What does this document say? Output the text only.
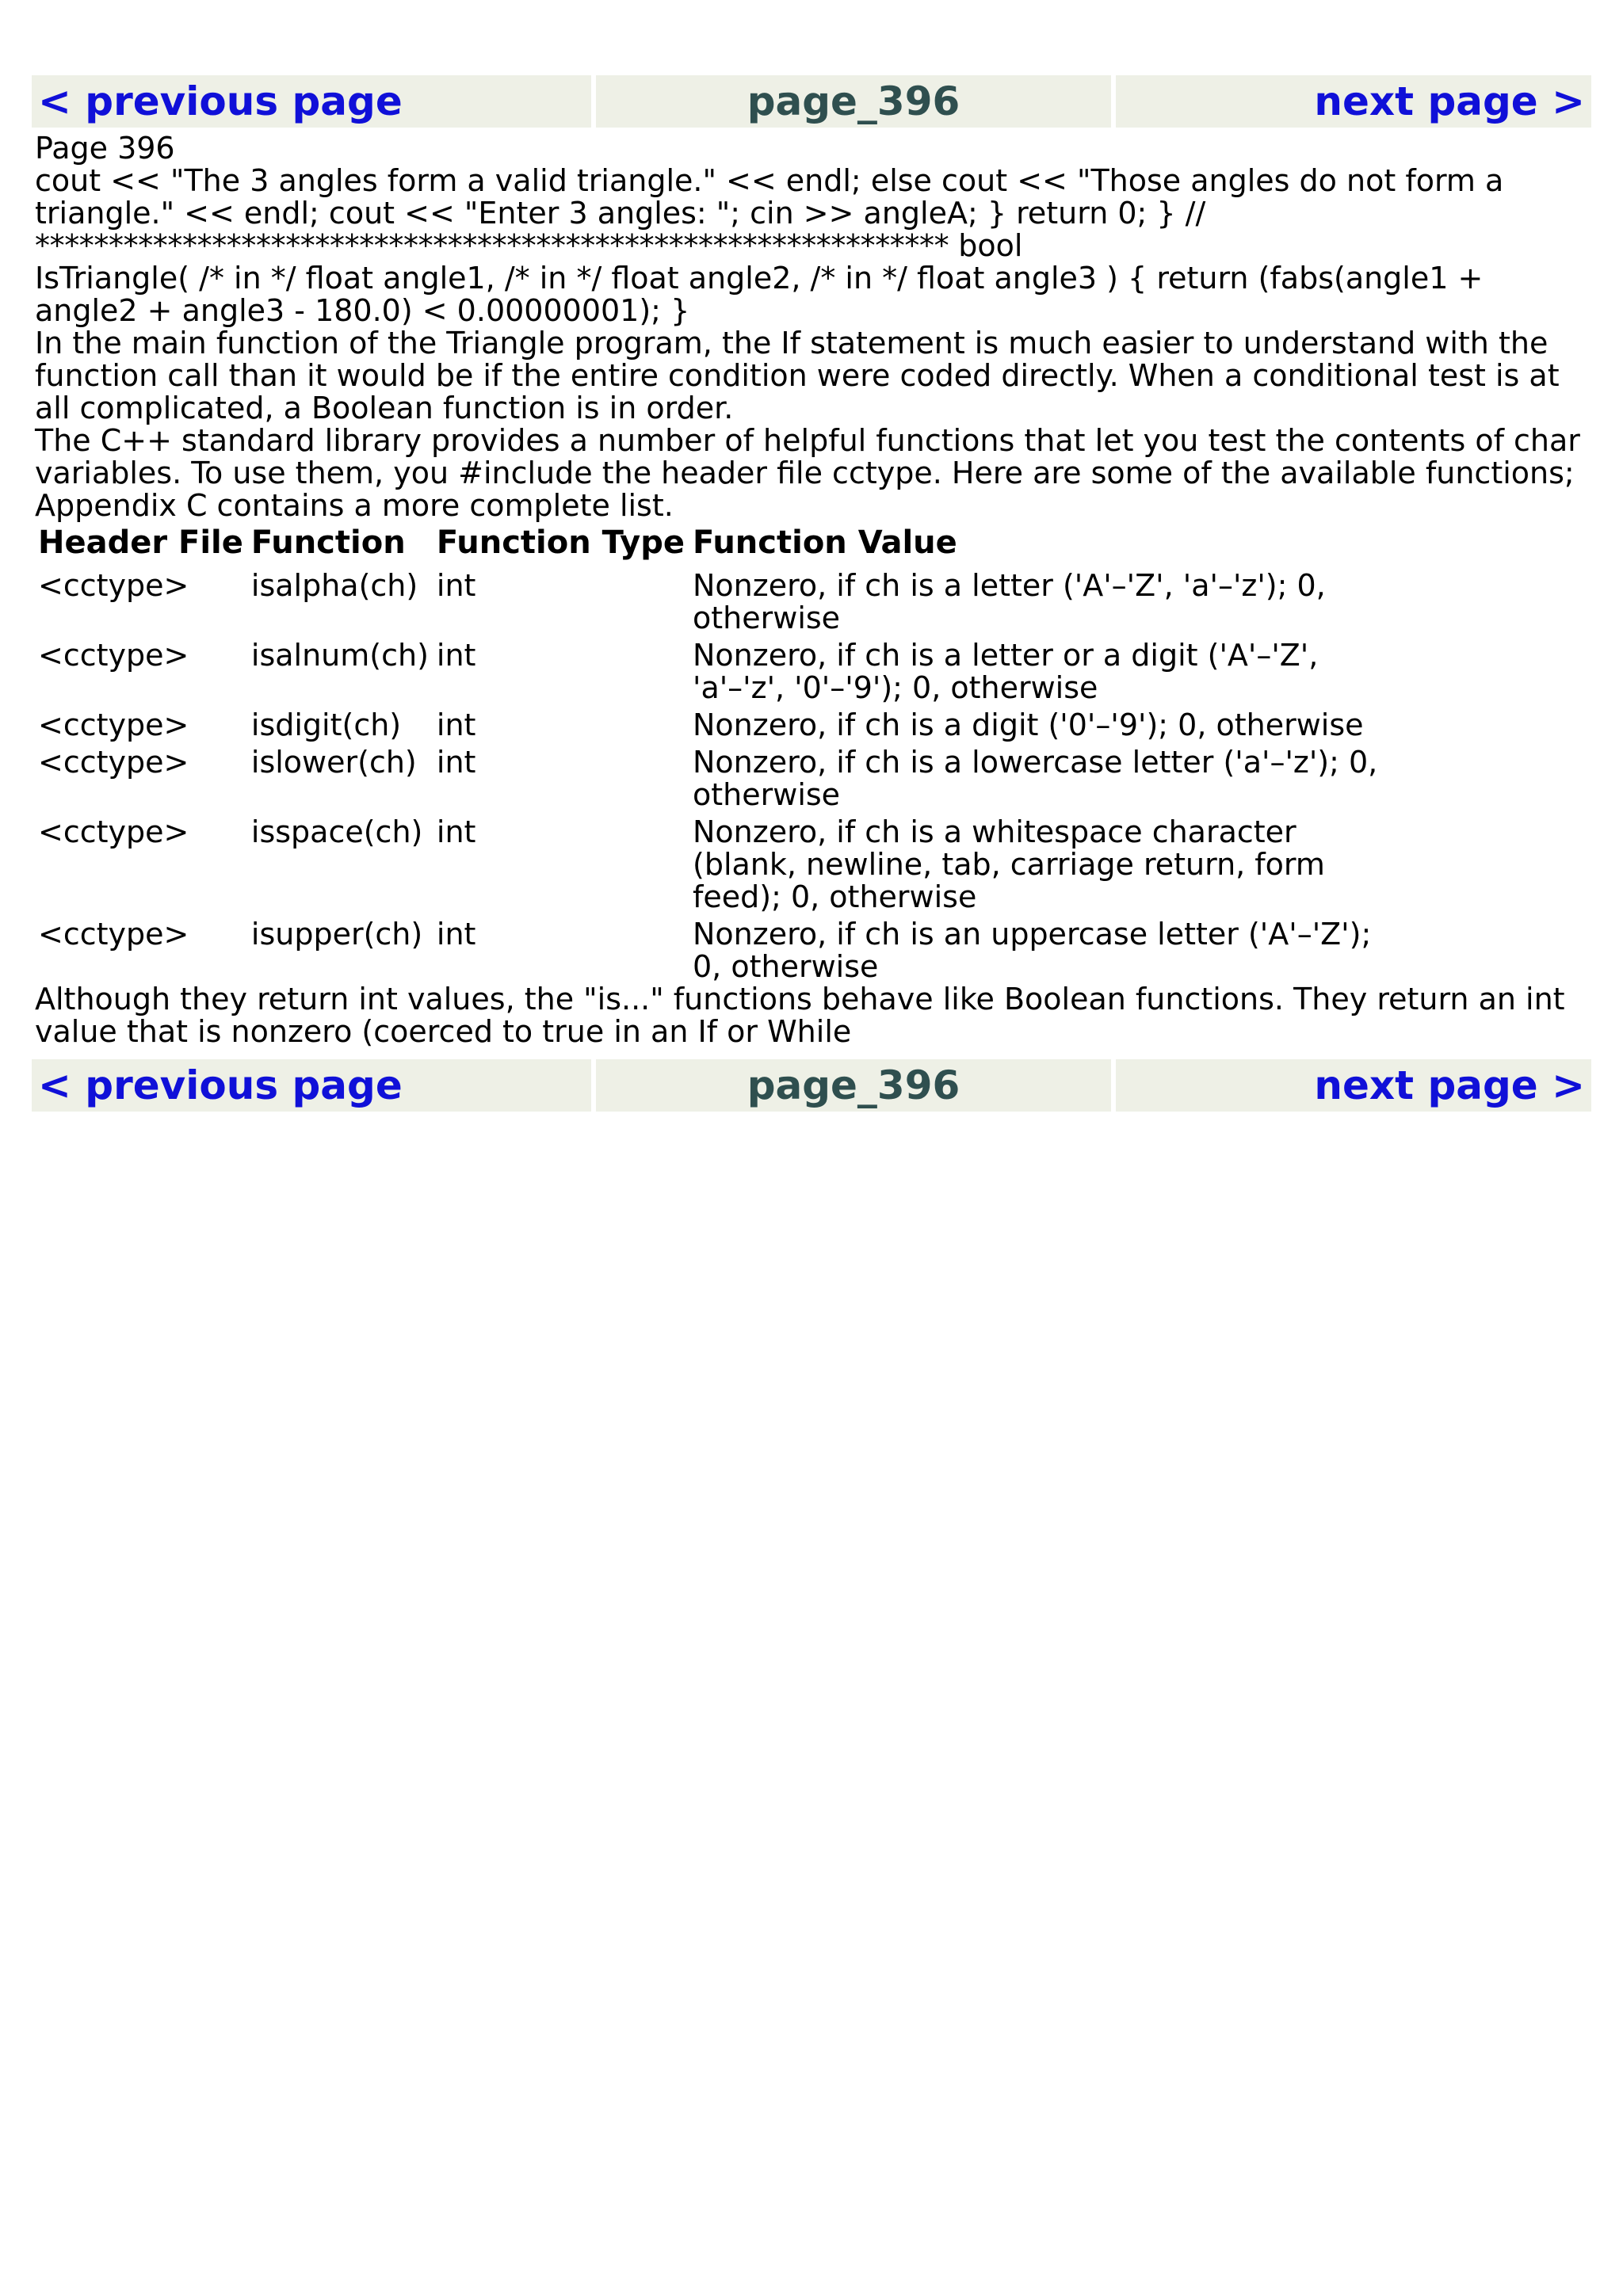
< previous page	page_396	next page >

Page 396

cout << "The 3 angles form a valid triangle." << endl; else cout << "Those angles do not form a

triangle." << endl; cout << "Enter 3 angles: "; cin >> angleA; } return 0; } //

************************************************************** bool

IsTriangle( /* in */ float angle1, /* in */ float angle2, /* in */ float angle3 ) { return (fabs(angle1 +

angle2 + angle3 - 180.0) < 0.00000001); }

In the main function of the Triangle program, the If statement is much easier to understand with the function call than it would be if the entire condition were coded directly. When a conditional test is at all complicated, a Boolean function is in order.

The C++ standard library provides a number of helpful functions that let you test the contents of char variables. To use them, you #include the header file cctype. Here are some of the available functions; Appendix C contains a more complete list.

Header File	Function	Function Type	Function Value
<cctype>	isalpha(ch)	int	Nonzero, if ch is a letter ('A'–'Z', 'a'–'z'); 0, otherwise
<cctype>	isalnum(ch)	int	Nonzero, if ch is a letter or a digit ('A'–'Z', 'a'–'z', '0'–'9'); 0, otherwise
<cctype>	isdigit(ch)	int	Nonzero, if ch is a digit ('0'–'9'); 0, otherwise
<cctype>	islower(ch)	int	Nonzero, if ch is a lowercase letter ('a'–'z'); 0, otherwise
<cctype>	isspace(ch)	int	Nonzero, if ch is a whitespace character (blank, newline, tab, carriage return, form feed); 0, otherwise
<cctype>	isupper(ch)	int	Nonzero, if ch is an uppercase letter ('A'–'Z'); 0, otherwise

Although they return int values, the "is..." functions behave like Boolean functions. They return an int value that is nonzero (coerced to true in an If or While

< previous page	page_396	next page >
